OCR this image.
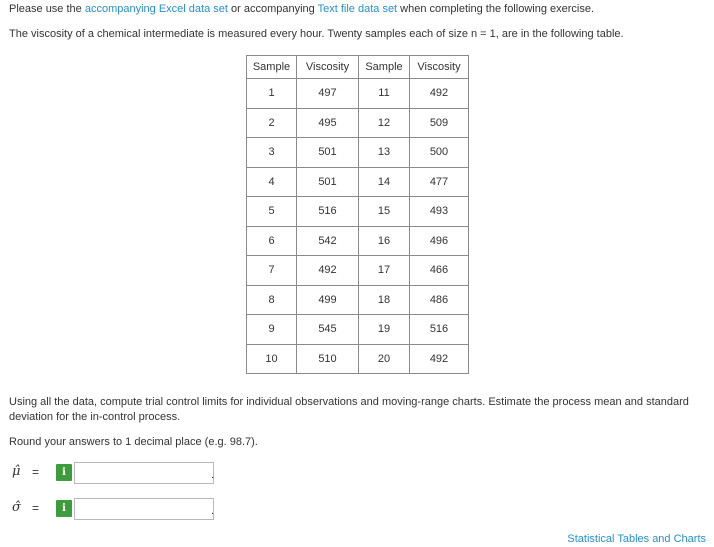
Please use the accompanying Excel data set or accompanying Text file data set when completing the following exercise.
The viscosity of a chemical intermediate is measured every hour. Twenty samples each of size n = 1, are in the following table.
Sample	Viscosity	Sample	Viscosity
1	497	11	492
2	495	12	509
3	501	13	500
4	501	14	477
5	516	15	493
6	542	16	496
7	492	17	466
8	499	18	486
9	545	19	516
10	510	20	492
Using all the data, compute trial control limits for individual observations and moving-range charts. Estimate the process mean and standard deviation for the in-control process.
Round your answers to 1 decimal place (e.g. 98.7).
μ̂ =	i	.
σ̂ =	i	.
Statistical Tables and Charts
